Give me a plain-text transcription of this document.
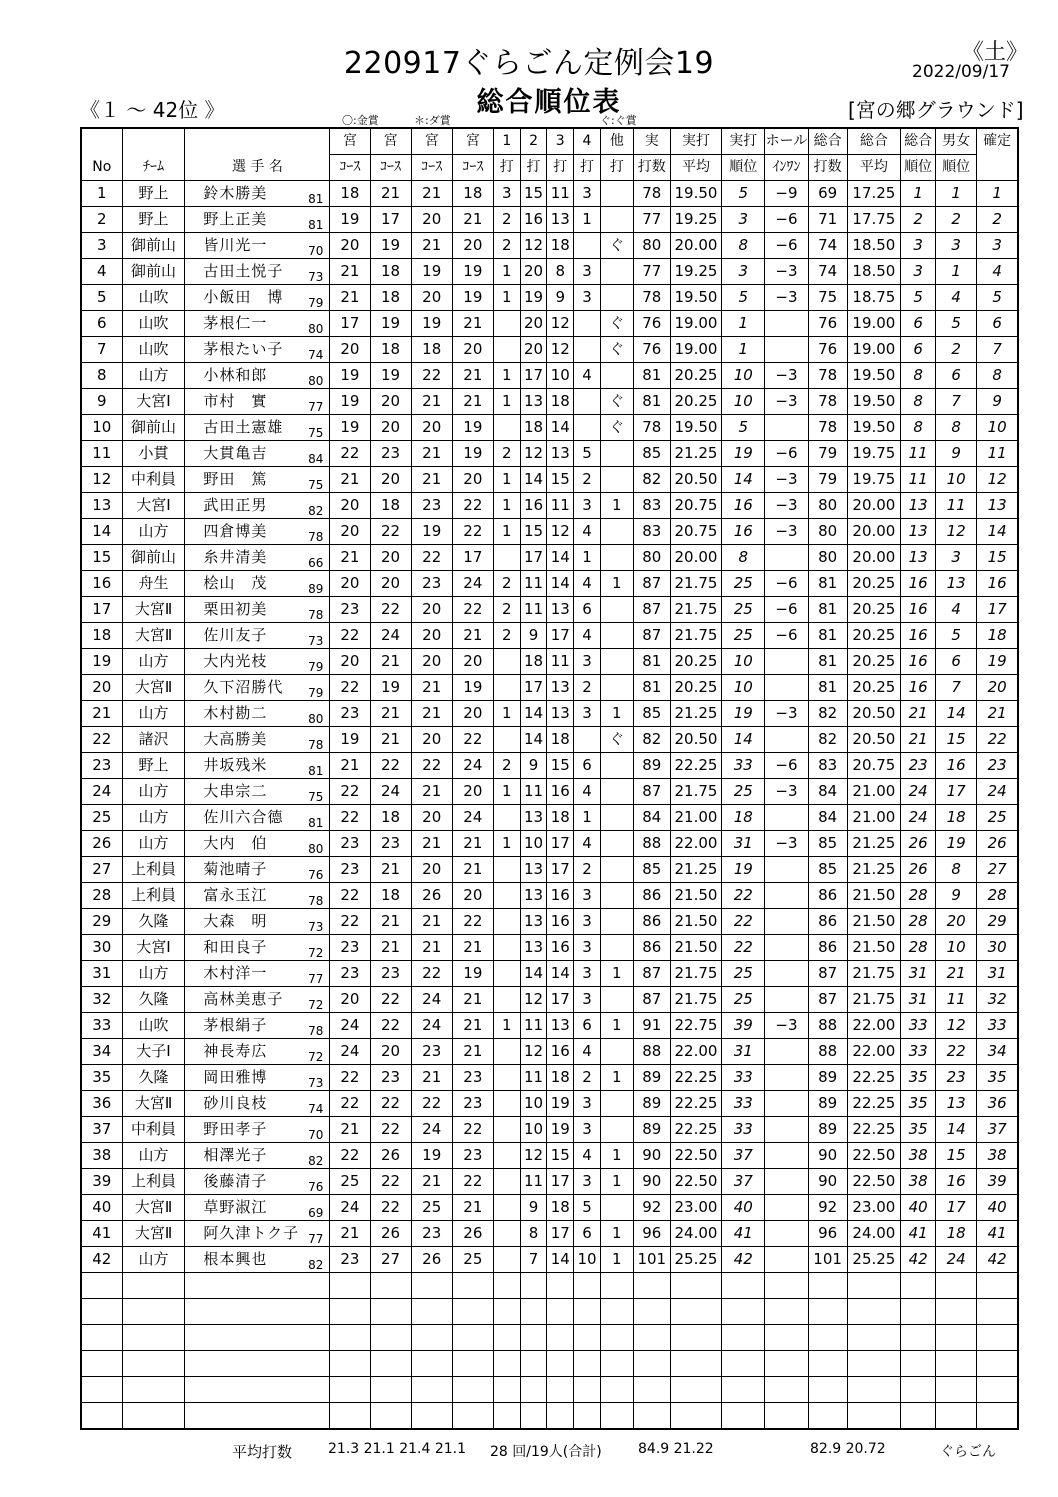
220917ぐらごん定例会19	《土》
2022/09/17
総合順位表
《１ ～ 42位 》	[宮の郷グラウンド]
〇:金賞	＊:ダ賞	ぐ:ぐ賞
			宮	宮	宮	宮	1	2	3	4	他	実	実打	実打	ホール	総合	総合	総合	男女	確定
No	ﾁｰﾑ	選 手 名	ｺｰｽ	ｺｰｽ	ｺｰｽ	ｺｰｽ	打	打	打	打	打	打数	平均	順位	ｲﾝﾜﾝ	打数	平均	順位	順位	
1	野上	鈴木勝美 81	18	21	21	18	3	15	11	3		78	19.50	5	−9	69	17.25	1	1	1
2	野上	野上正美 81	19	17	20	21	2	16	13	1		77	19.25	3	−6	71	17.75	2	2	2
3	御前山	皆川光一 70	20	19	21	20	2	12	18		ぐ	80	20.00	8	−6	74	18.50	3	3	3
4	御前山	古田土悦子 73	21	18	19	19	1	20	8	3		77	19.25	3	−3	74	18.50	3	1	4
5	山吹	小飯田　博 79	21	18	20	19	1	19	9	3		78	19.50	5	−3	75	18.75	5	4	5
6	山吹	茅根仁一 80	17	19	19	21		20	12		ぐ	76	19.00	1		76	19.00	6	5	6
7	山吹	茅根たい子 74	20	18	18	20		20	12		ぐ	76	19.00	1		76	19.00	6	2	7
8	山方	小林和郎 80	19	19	22	21	1	17	10	4		81	20.25	10	−3	78	19.50	8	6	8
9	大宮Ⅰ	市村　實 77	19	20	21	21	1	13	18		ぐ	81	20.25	10	−3	78	19.50	8	7	9
10	御前山	古田土憲雄 75	19	20	20	19		18	14		ぐ	78	19.50	5		78	19.50	8	8	10
11	小貫	大貫亀吉 84	22	23	21	19	2	12	13	5		85	21.25	19	−6	79	19.75	11	9	11
12	中利員	野田　篤 75	21	20	21	20	1	14	15	2		82	20.50	14	−3	79	19.75	11	10	12
13	大宮Ⅰ	武田正男 82	20	18	23	22	1	16	11	3	1	83	20.75	16	−3	80	20.00	13	11	13
14	山方	四倉博美 78	20	22	19	22	1	15	12	4		83	20.75	16	−3	80	20.00	13	12	14
15	御前山	糸井清美 66	21	20	22	17		17	14	1		80	20.00	8		80	20.00	13	3	15
16	舟生	桧山　茂 89	20	20	23	24	2	11	14	4	1	87	21.75	25	−6	81	20.25	16	13	16
17	大宮Ⅱ	栗田初美 78	23	22	20	22	2	11	13	6		87	21.75	25	−6	81	20.25	16	4	17
18	大宮Ⅱ	佐川友子 73	22	24	20	21	2	9	17	4		87	21.75	25	−6	81	20.25	16	5	18
19	山方	大内光枝 79	20	21	20	20		18	11	3		81	20.25	10		81	20.25	16	6	19
20	大宮Ⅱ	久下沼勝代 79	22	19	21	19		17	13	2		81	20.25	10		81	20.25	16	7	20
21	山方	木村勘二 80	23	21	21	20	1	14	13	3	1	85	21.25	19	−3	82	20.50	21	14	21
22	諸沢	大高勝美 78	19	21	20	22		14	18		ぐ	82	20.50	14		82	20.50	21	15	22
23	野上	井坂残米 81	21	22	22	24	2	9	15	6		89	22.25	33	−6	83	20.75	23	16	23
24	山方	大串宗二 75	22	24	21	20	1	11	16	4		87	21.75	25	−3	84	21.00	24	17	24
25	山方	佐川六合德 81	22	18	20	24		13	18	1		84	21.00	18		84	21.00	24	18	25
26	山方	大内　伯 80	23	23	21	21	1	10	17	4		88	22.00	31	−3	85	21.25	26	19	26
27	上利員	菊池晴子 76	23	21	20	21		13	17	2		85	21.25	19		85	21.25	26	8	27
28	上利員	富永玉江 78	22	18	26	20		13	16	3		86	21.50	22		86	21.50	28	9	28
29	久隆	大森　明 73	22	21	21	22		13	16	3		86	21.50	22		86	21.50	28	20	29
30	大宮Ⅰ	和田良子 72	23	21	21	21		13	16	3		86	21.50	22		86	21.50	28	10	30
31	山方	木村洋一 77	23	23	22	19		14	14	3	1	87	21.75	25		87	21.75	31	21	31
32	久隆	高林美恵子 72	20	22	24	21		12	17	3		87	21.75	25		87	21.75	31	11	32
33	山吹	茅根絹子 78	24	22	24	21	1	11	13	6	1	91	22.75	39	−3	88	22.00	33	12	33
34	大子Ⅰ	神長寿広 72	24	20	23	21		12	16	4		88	22.00	31		88	22.00	33	22	34
35	久隆	岡田雅博 73	22	23	21	23		11	18	2	1	89	22.25	33		89	22.25	35	23	35
36	大宮Ⅱ	砂川良枝 74	22	22	22	23		10	19	3		89	22.25	33		89	22.25	35	13	36
37	中利員	野田孝子 70	21	22	24	22		10	19	3		89	22.25	33		89	22.25	35	14	37
38	山方	相澤光子 82	22	26	19	23		12	15	4	1	90	22.50	37		90	22.50	38	15	38
39	上利員	後藤清子 76	25	22	21	22		11	17	3	1	90	22.50	37		90	22.50	38	16	39
40	大宮Ⅱ	草野淑江 69	24	22	25	21		9	18	5		92	23.00	40		92	23.00	40	17	40
41	大宮Ⅱ	阿久津トク子 77	21	26	23	26		8	17	6	1	96	24.00	41		96	24.00	41	18	41
42	山方	根本興也 82	23	27	26	25		7	14	10	1	101	25.25	42		101	25.25	42	24	42

平均打数	21.3 21.1 21.4 21.1 28 回/19人(合計)	84.9 21.22	82.9 20.72	ぐらごん
